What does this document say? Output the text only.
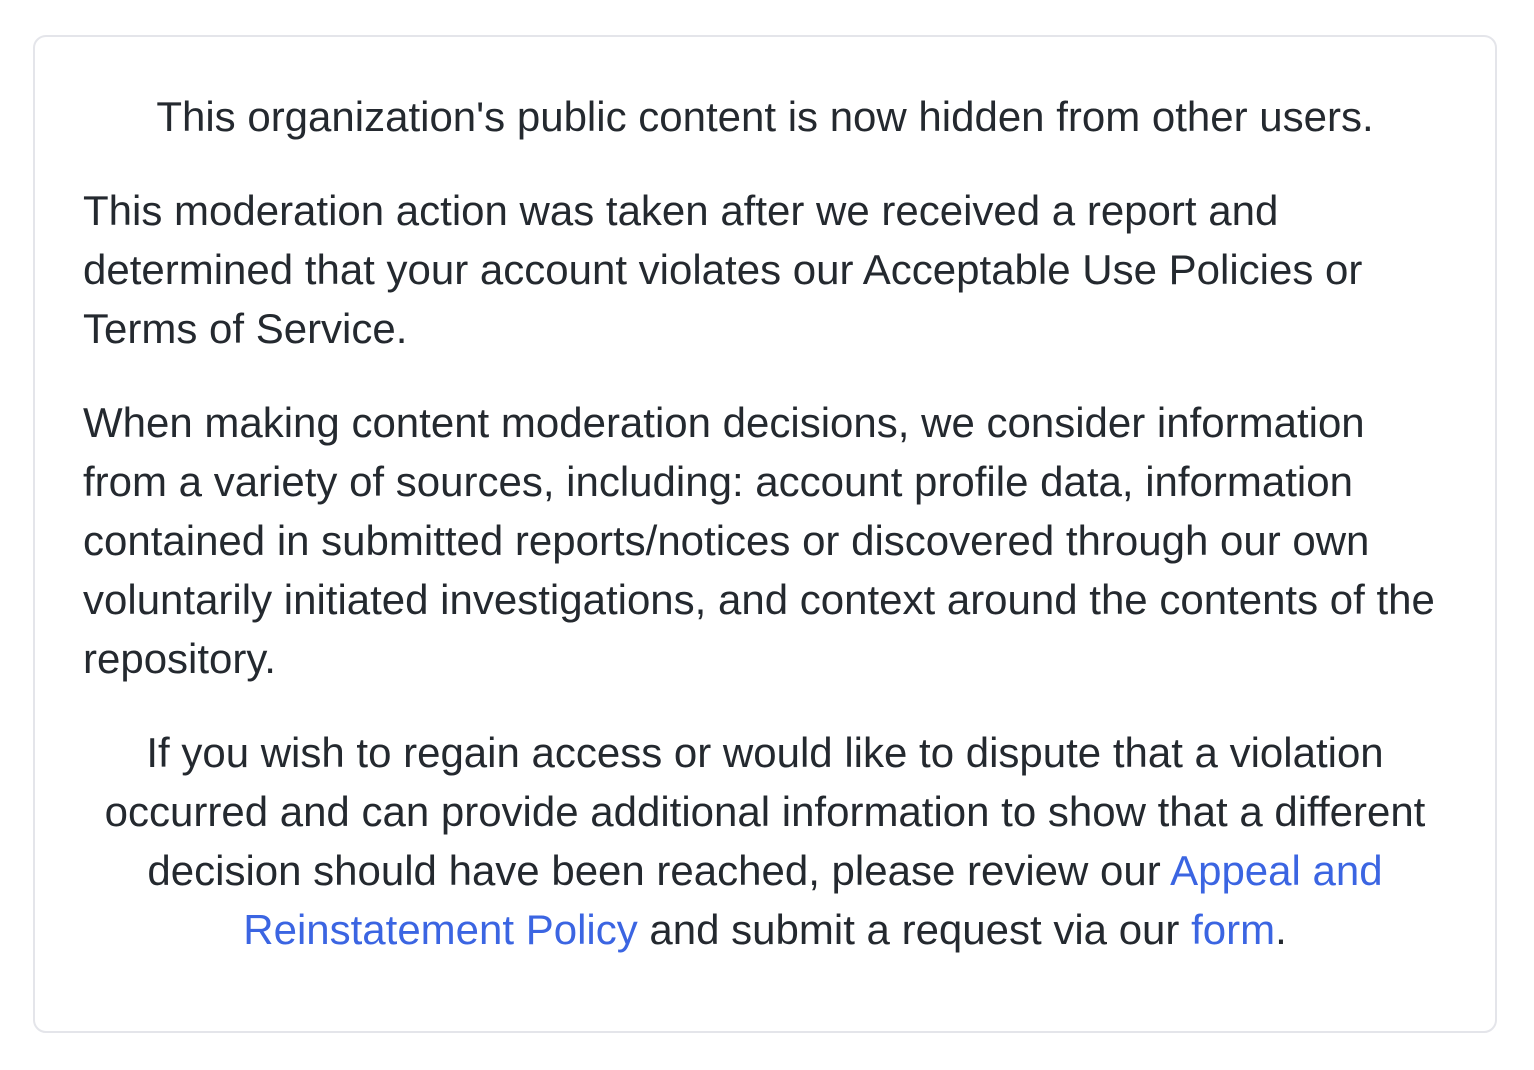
This organization's public content is now hidden from other users.

This moderation action was taken after we received a report and determined that your account violates our Acceptable Use Policies or Terms of Service.

When making content moderation decisions, we consider information from a variety of sources, including: account profile data, information contained in submitted reports/notices or discovered through our own voluntarily initiated investigations, and context around the contents of the repository.

If you wish to regain access or would like to dispute that a violation occurred and can provide additional information to show that a different decision should have been reached, please review our Appeal and Reinstatement Policy and submit a request via our form.
